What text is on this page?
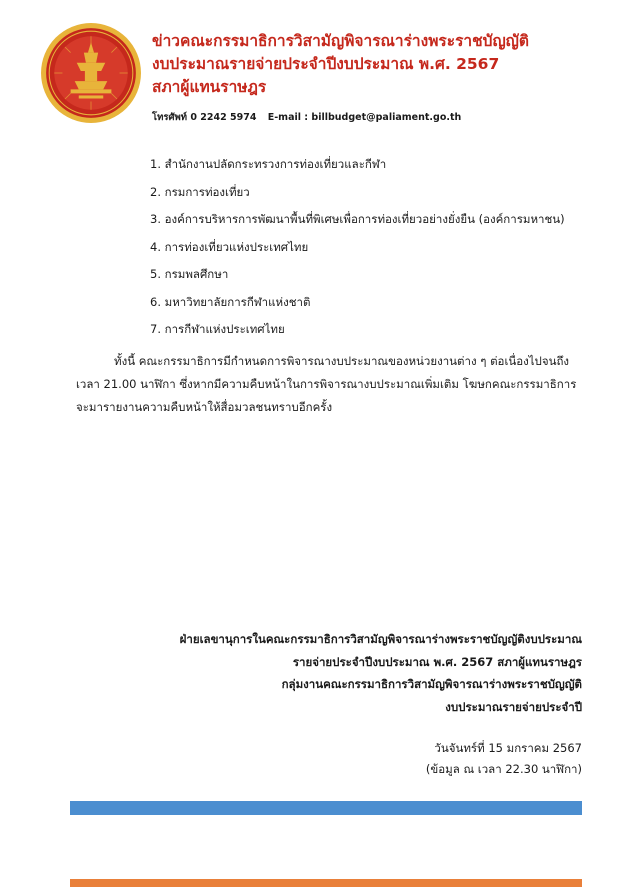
ข่าวคณะกรรมาธิการวิสามัญพิจารณาร่างพระราชบัญญัติ
งบประมาณรายจ่ายประจำปีงบประมาณ พ.ศ. 2567
สภาผู้แทนราษฎร
โทรศัพท์ 0 2242 5974 E-mail : billbudget@paliament.go.th
1. สำนักงานปลัดกระทรวงการท่องเที่ยวและกีฬา
2. กรมการท่องเที่ยว
3. องค์การบริหารการพัฒนาพื้นที่พิเศษเพื่อการท่องเที่ยวอย่างยั่งยืน (องค์การมหาชน)
4. การท่องเที่ยวแห่งประเทศไทย
5. กรมพลศึกษา
6. มหาวิทยาลัยการกีฬาแห่งชาติ
7. การกีฬาแห่งประเทศไทย
ทั้งนี้ คณะกรรมาธิการมีกำหนดการพิจารณางบประมาณของหน่วยงานต่าง ๆ ต่อเนื่องไปจนถึง
เวลา 21.00 นาฬิกา ซึ่งหากมีความคืบหน้าในการพิจารณางบประมาณเพิ่มเติม โฆษกคณะกรรมาธิการ
จะมารายงานความคืบหน้าให้สื่อมวลชนทราบอีกครั้ง
ฝ่ายเลขานุการในคณะกรรมาธิการวิสามัญพิจารณาร่างพระราชบัญญัติงบประมาณ
รายจ่ายประจำปีงบประมาณ พ.ศ. 2567 สภาผู้แทนราษฎร
กลุ่มงานคณะกรรมาธิการวิสามัญพิจารณาร่างพระราชบัญญัติ
งบประมาณรายจ่ายประจำปี
วันจันทร์ที่ 15 มกราคม 2567
(ข้อมูล ณ เวลา 22.30 นาฬิกา)
